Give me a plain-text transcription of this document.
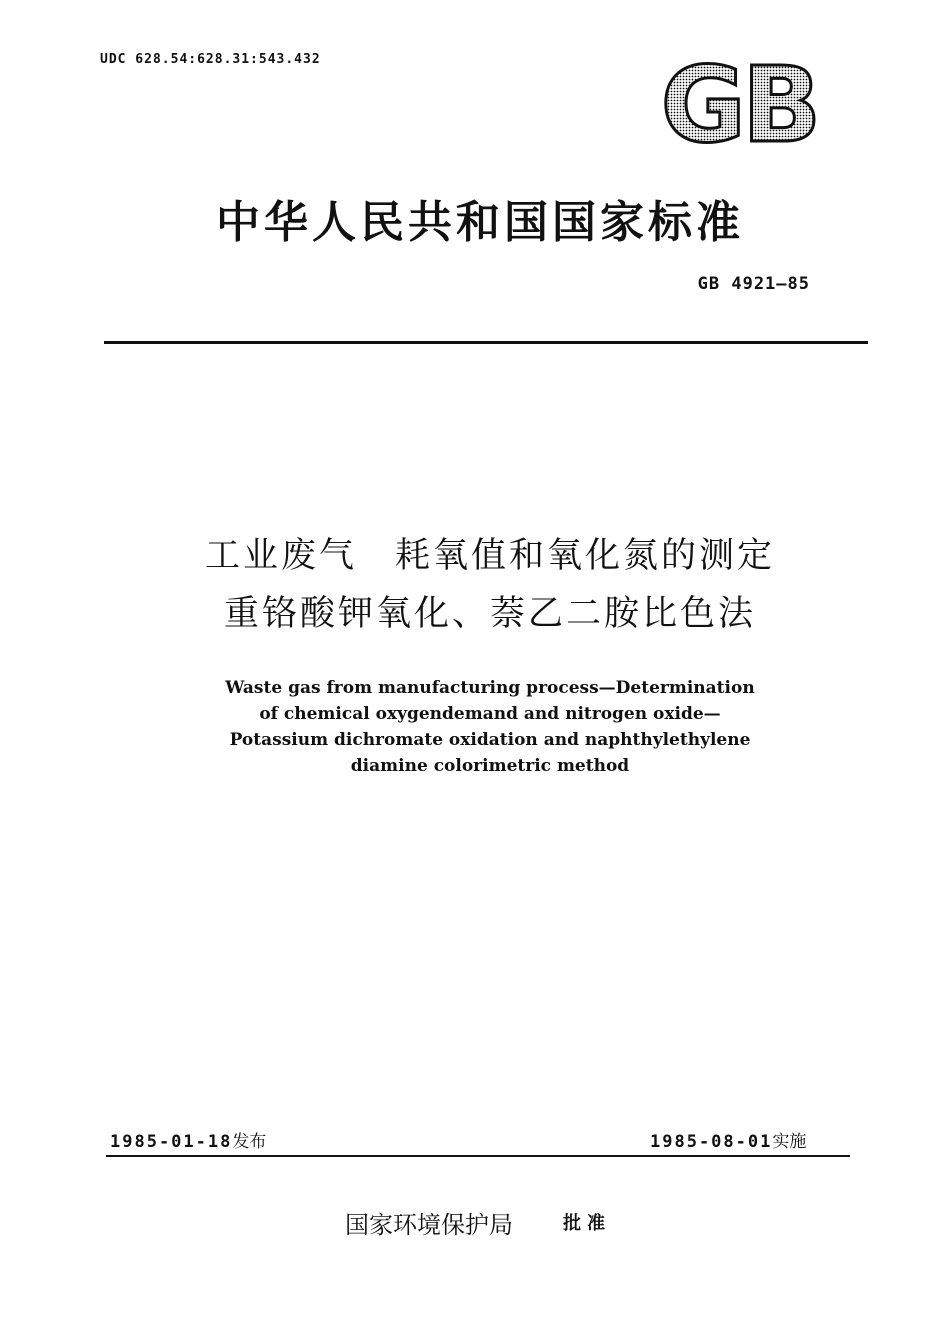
UDC 628.54:628.31:543.432	GB
中华人民共和国国家标准
GB 4921—85
工业废气　耗氧值和氧化氮的测定
重铬酸钾氧化、萘乙二胺比色法
Waste gas from manufacturing process—Determination
of chemical oxygendemand and nitrogen oxide—
Potassium dichromate oxidation and naphthylethylene
diamine colorimetric method
1985-01-18发布	1985-08-01实施
国家环境保护局	批准
